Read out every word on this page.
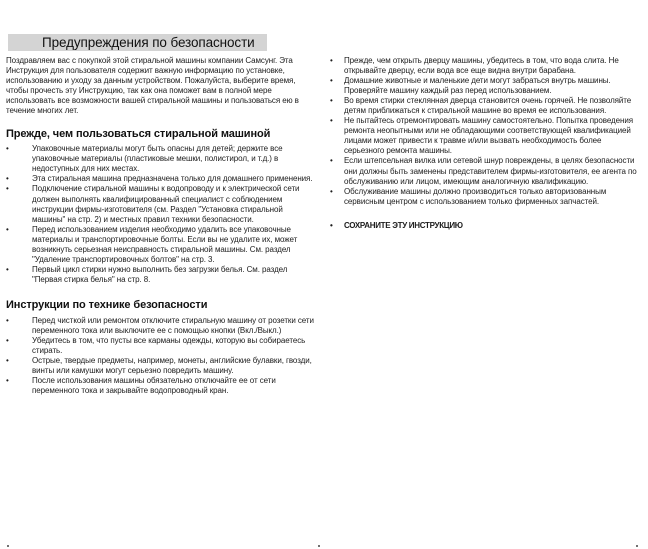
Предупреждения по безопасности

Поздравляем вас с покупкой этой стиральной машины компании Самсунг. Эта Инструкция для пользователя содержит важную информацию по установке, использованию и уходу за данным устройством. Пожалуйста, выберите время, чтобы прочесть эту Инструкцию, так как она поможет вам в полной мере использовать все возможности вашей стиральной машины и пользоваться ею в течение многих лет.

Прежде, чем пользоваться стиральной машиной
•	Упаковочные материалы могут быть опасны для детей; держите все упаковочные материалы (пластиковые мешки, полистирол, и т.д.) в недоступных для них местах.
•	Эта стиральная машина предназначена только для домашнего применения.
•	Подключение стиральной машины к водопроводу и к электрической сети должен выполнять квалифицированный специалист с соблюдением инструкции фирмы-изготовителя (см. Раздел "Установка стиральной машины" на стр. 2) и местных правил техники безопасности.
•	Перед использованием изделия необходимо удалить все упаковочные материалы и транспортировочные болты. Если вы не удалите их, может возникнуть серьезная неисправность стиральной машины. См. раздел "Удаление транспортировочных болтов" на стр. 3.
•	Первый цикл стирки нужно выполнить без загрузки белья. См. раздел "Первая стирка белья" на стр. 8.
Инструкции по технике безопасности
•	Перед чисткой или ремонтом отключите стиральную машину от розетки сети переменного тока или выключите ее с помощью кнопки (Вкл./Выкл.)
•	Убедитесь в том, что пусты все карманы одежды, которую вы собираетесь стирать.
•	Острые, твердые предметы, например, монеты, английские булавки, гвозди, винты или камушки могут серьезно повредить машину.
•	После использования машины обязательно отключайте ее от сети переменного тока и закрывайте водопроводный кран.
•	Прежде, чем открыть дверцу машины, убедитесь в том, что вода слита. Не открывайте дверцу, если вода все еще видна внутри барабана.
•	Домашние животные и маленькие дети могут забраться внутрь машины. Проверяйте машину каждый раз перед использованием.
•	Во время стирки стеклянная дверца становится очень горячей. Не позволяйте детям приближаться к стиральной машине во время ее использования.
•	Не пытайтесь отремонтировать машину самостоятельно. Попытка проведения ремонта неопытными или не обладающими соответствующей квалификацией лицами может привести к травме и/или вызвать необходимость более серьезного ремонта машины.
•	Если штепсельная вилка или сетевой шнур повреждены, в целях безопасности они должны быть заменены представителем фирмы-изготовителя, ее агента по обслуживанию или лицом, имеющим аналогичную квалификацию.
•	Обслуживание машины должно производиться только авторизованным сервисным центром с использованием только фирменных запчастей.
•	СОХРАНИТЕ ЭТУ ИНСТРУКЦИЮ
